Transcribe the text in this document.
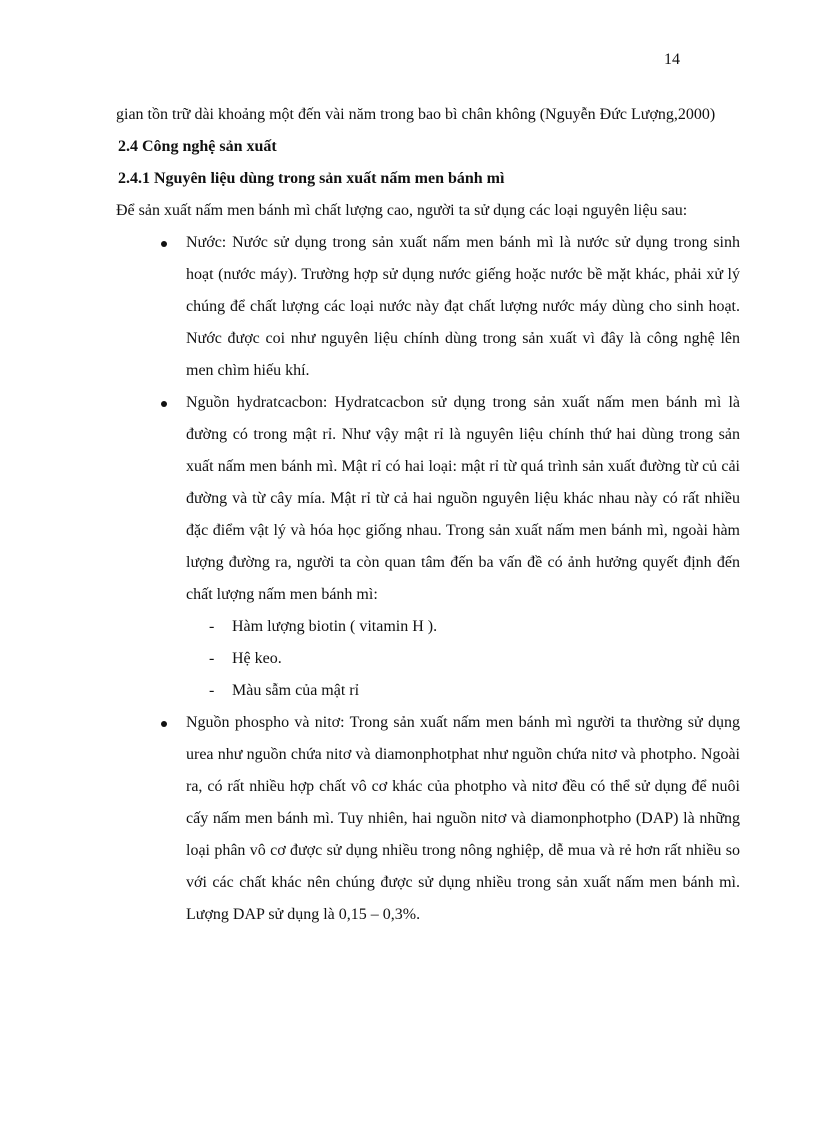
14

gian tồn trữ dài khoảng một đến vài năm trong bao bì chân không (Nguyễn Đức Lượng,2000)

2.4 Công nghệ sản xuất

2.4.1 Nguyên liệu dùng trong sản xuất nấm men bánh mì

Để sản xuất nấm men bánh mì chất lượng cao, người ta sử dụng các loại nguyên liệu sau:

Nước: Nước sử dụng trong sản xuất nấm men bánh mì là nước sử dụng trong sinh hoạt (nước máy). Trường hợp sử dụng nước giếng hoặc nước bề mặt khác, phải xử lý chúng để chất lượng các loại nước này đạt chất lượng nước máy dùng cho sinh hoạt. Nước được coi như nguyên liệu chính dùng trong sản xuất vì đây là công nghệ lên men chìm hiếu khí.
Nguồn hydratcacbon: Hydratcacbon sử dụng trong sản xuất nấm men bánh mì là đường có trong mật rỉ. Như vậy mật rỉ là nguyên liệu chính thứ hai dùng trong sản xuất nấm men bánh mì. Mật rỉ có hai loại: mật rỉ từ quá trình sản xuất đường từ củ cải đường và từ cây mía. Mật rỉ từ cả hai nguồn nguyên liệu khác nhau này có rất nhiều đặc điểm vật lý và hóa học giống nhau. Trong sản xuất nấm men bánh mì, ngoài hàm lượng đường ra, người ta còn quan tâm đến ba vấn đề có ảnh hưởng quyết định đến chất lượng nấm men bánh mì:
- Hàm lượng biotin ( vitamin H ).
- Hệ keo.
- Màu sẫm của mật rỉ
Nguồn phospho và nitơ: Trong sản xuất nấm men bánh mì người ta thường sử dụng urea như nguồn chứa nitơ và diamonphotphat như nguồn chứa nitơ và photpho. Ngoài ra, có rất nhiều hợp chất vô cơ khác của photpho và nitơ đều có thể sử dụng để nuôi cấy nấm men bánh mì. Tuy nhiên, hai nguồn nitơ và diamonphotpho (DAP) là những loại phân vô cơ được sử dụng nhiều trong nông nghiệp, dễ mua và rẻ hơn rất nhiều so với các chất khác nên chúng được sử dụng nhiều trong sản xuất nấm men bánh mì. Lượng DAP sử dụng là 0,15 – 0,3%.
